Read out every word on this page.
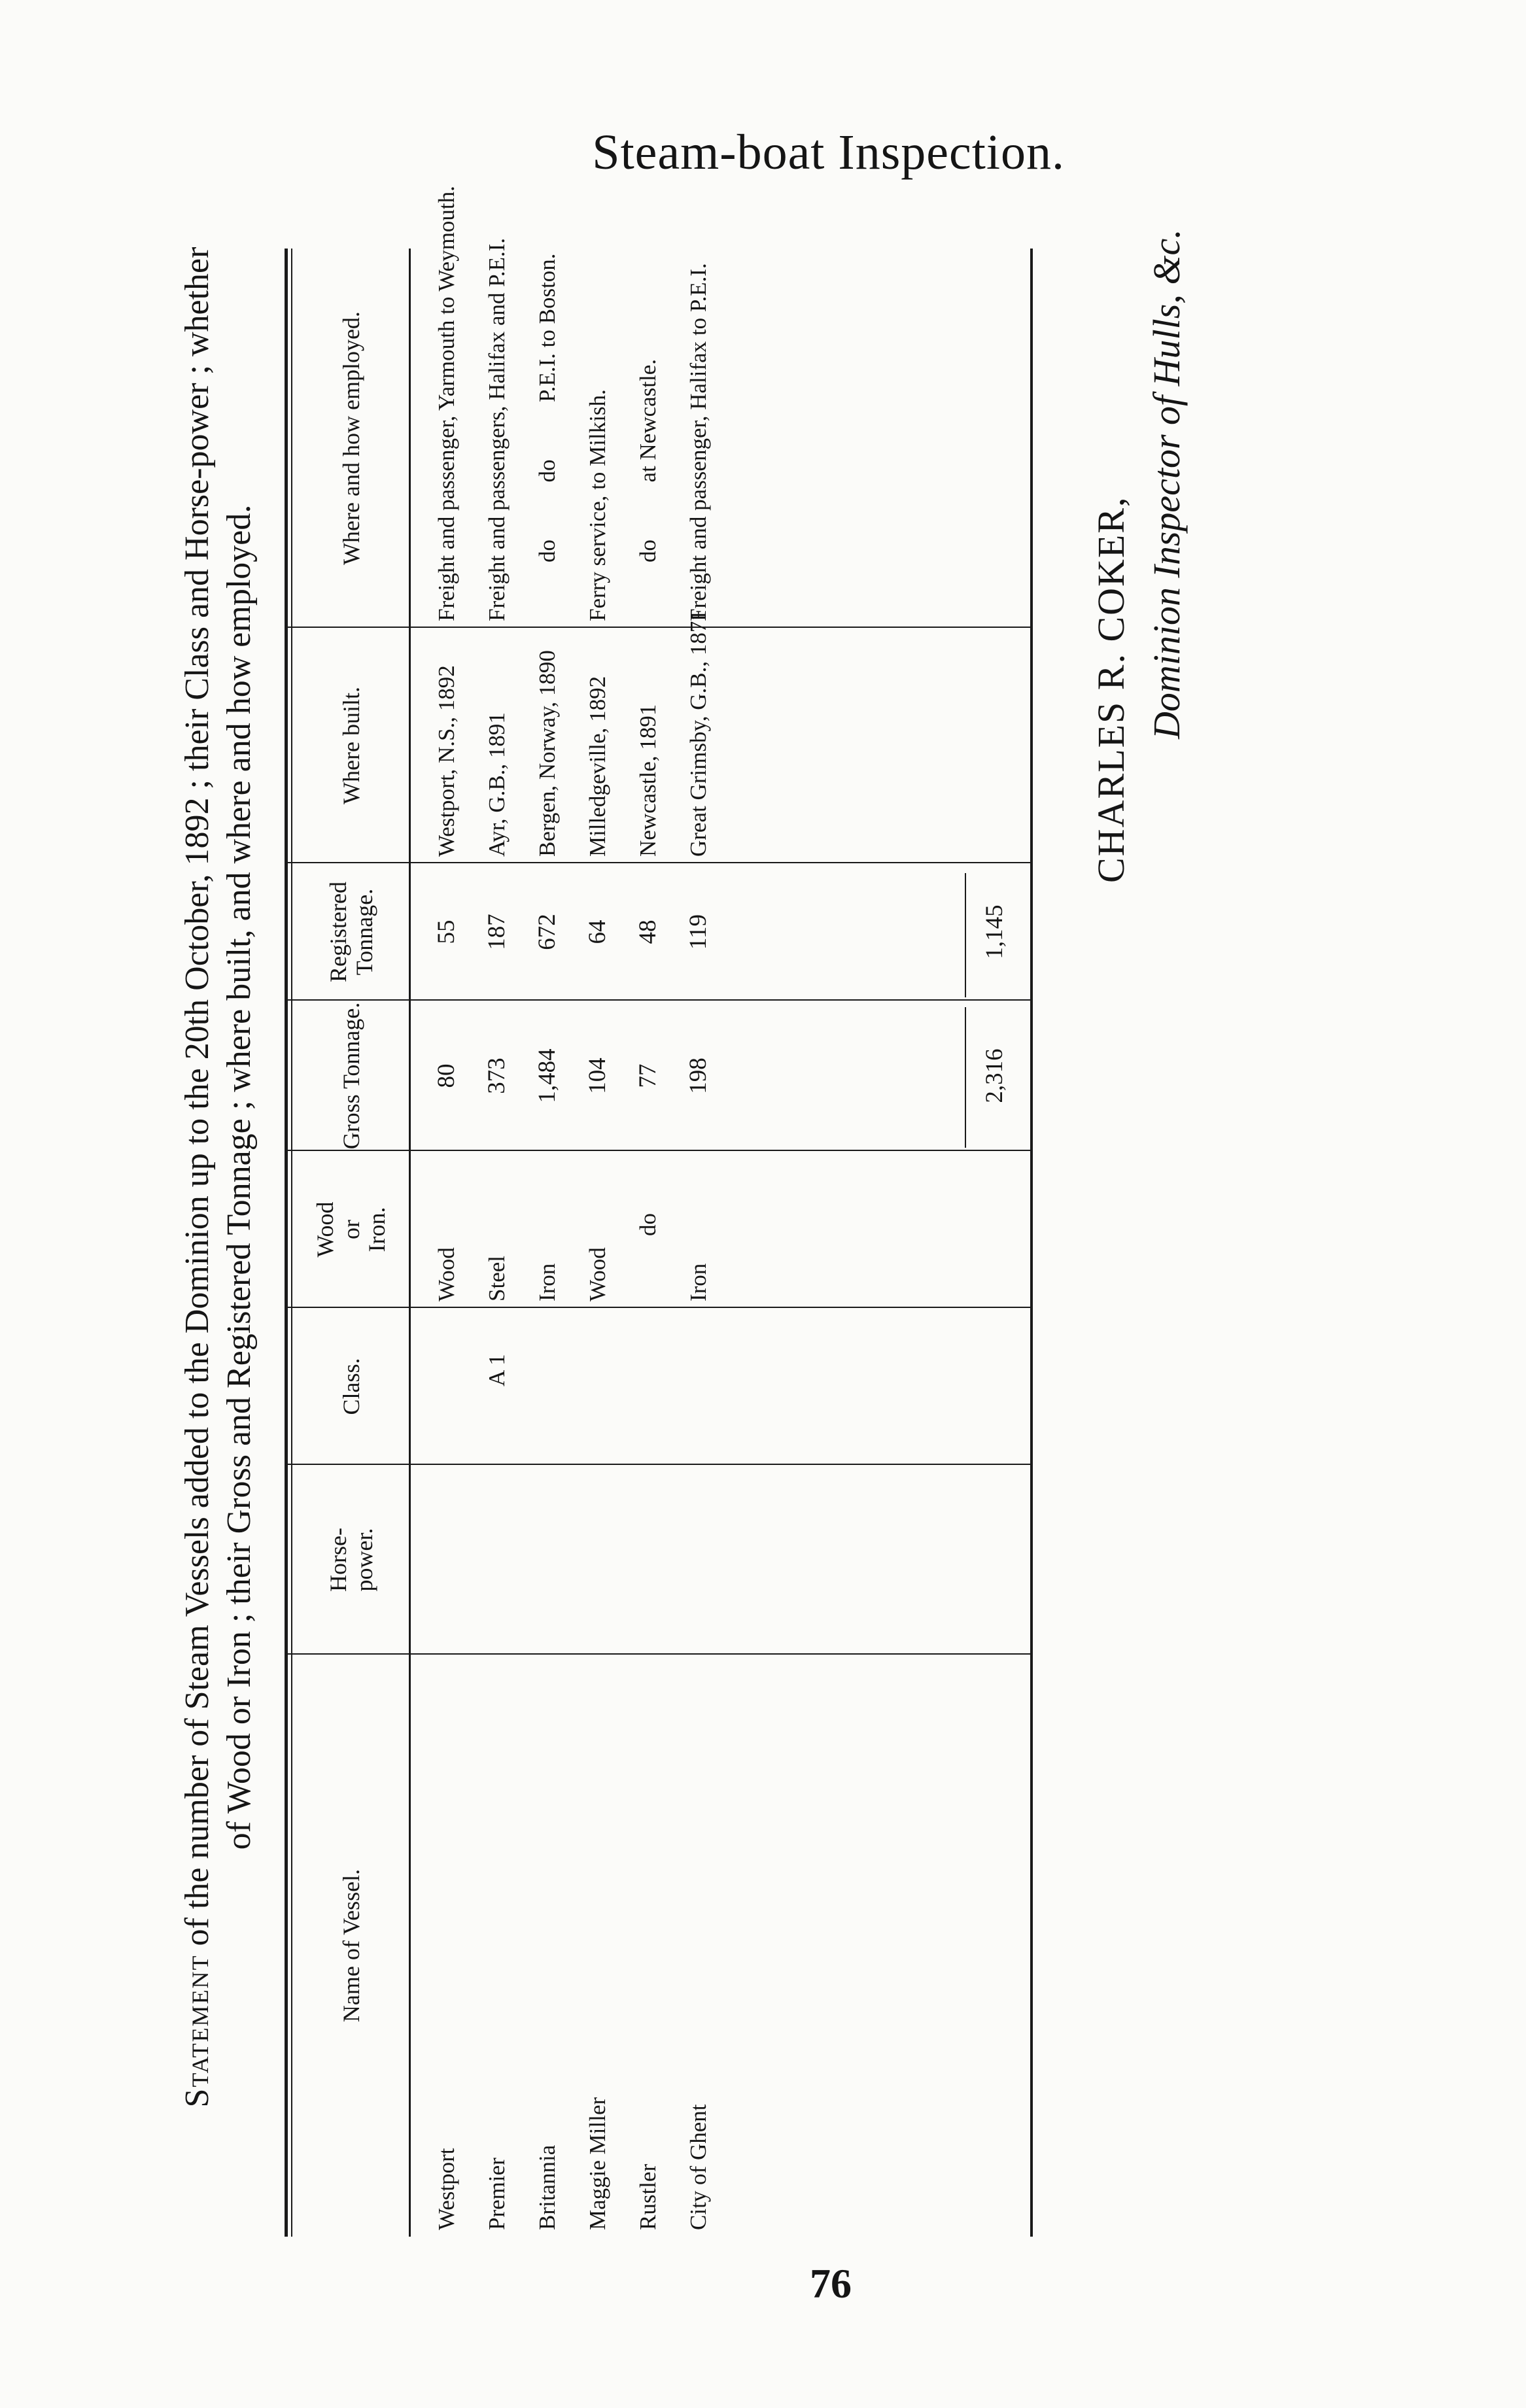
Steam-boat Inspection.
Statement of the number of Steam Vessels added to the Dominion up to the 20th October, 1892 ; their Class and Horse-power ; whether of Wood or Iron ; their Gross and Registered Tonnage ; where built, and where and how employed.
Name of Vessel.
Horse-power.
Class.
Wood or Iron.
Gross Tonnage.
Registered Tonnage.
Where built.
Where and how employed.
Westport
Wood
80
55
Westport, N.S., 1892
Freight and passenger, Yarmouth to Weymouth.
Premier
A 1
Steel
373
187
Ayr, G.B., 1891
Freight and passengers, Halifax and P.E.I.
Britannia
Iron
1,484
672
Bergen, Norway, 1890
do          do          P.E.I. to Boston.
Maggie Miller
Wood
104
64
Milledgeville, 1892
Ferry service, to Milkish.
Rustler
do
77
48
Newcastle, 1891
do          at Newcastle.
City of Ghent
Iron
198
119
Great Grimsby, G.B., 1871
Freight and passenger, Halifax to P.E.I.
2,316
1,145
CHARLES R. COKER, Dominion Inspector of Hulls, &c.
76
